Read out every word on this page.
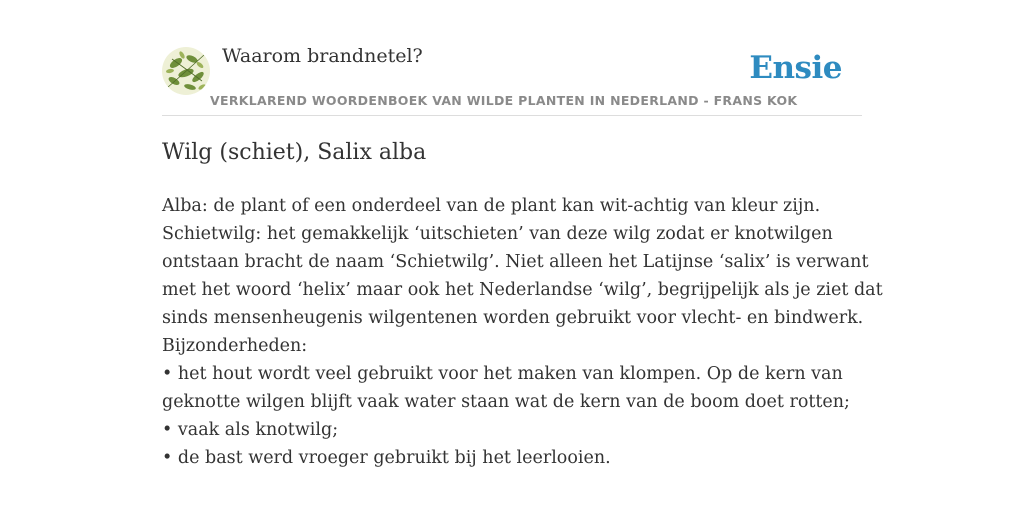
Waarom brandnetel?	Ensie
VERKLAREND WOORDENBOEK VAN WILDE PLANTEN IN NEDERLAND - FRANS KOK
Wilg (schiet), Salix alba
Alba: de plant of een onderdeel van de plant kan wit-achtig van kleur zijn.
Schietwilg: het gemakkelijk ‘uitschieten’ van deze wilg zodat er knotwilgen
ontstaan bracht de naam ‘Schietwilg’. Niet alleen het Latijnse ‘salix’ is verwant
met het woord ‘helix’ maar ook het Nederlandse ‘wilg’, begrijpelijk als je ziet dat
sinds mensenheugenis wilgentenen worden gebruikt voor vlecht- en bindwerk.
Bijzonderheden:
• het hout wordt veel gebruikt voor het maken van klompen. Op de kern van
geknotte wilgen blijft vaak water staan wat de kern van de boom doet rotten;
• vaak als knotwilg;
• de bast werd vroeger gebruikt bij het leerlooien.
